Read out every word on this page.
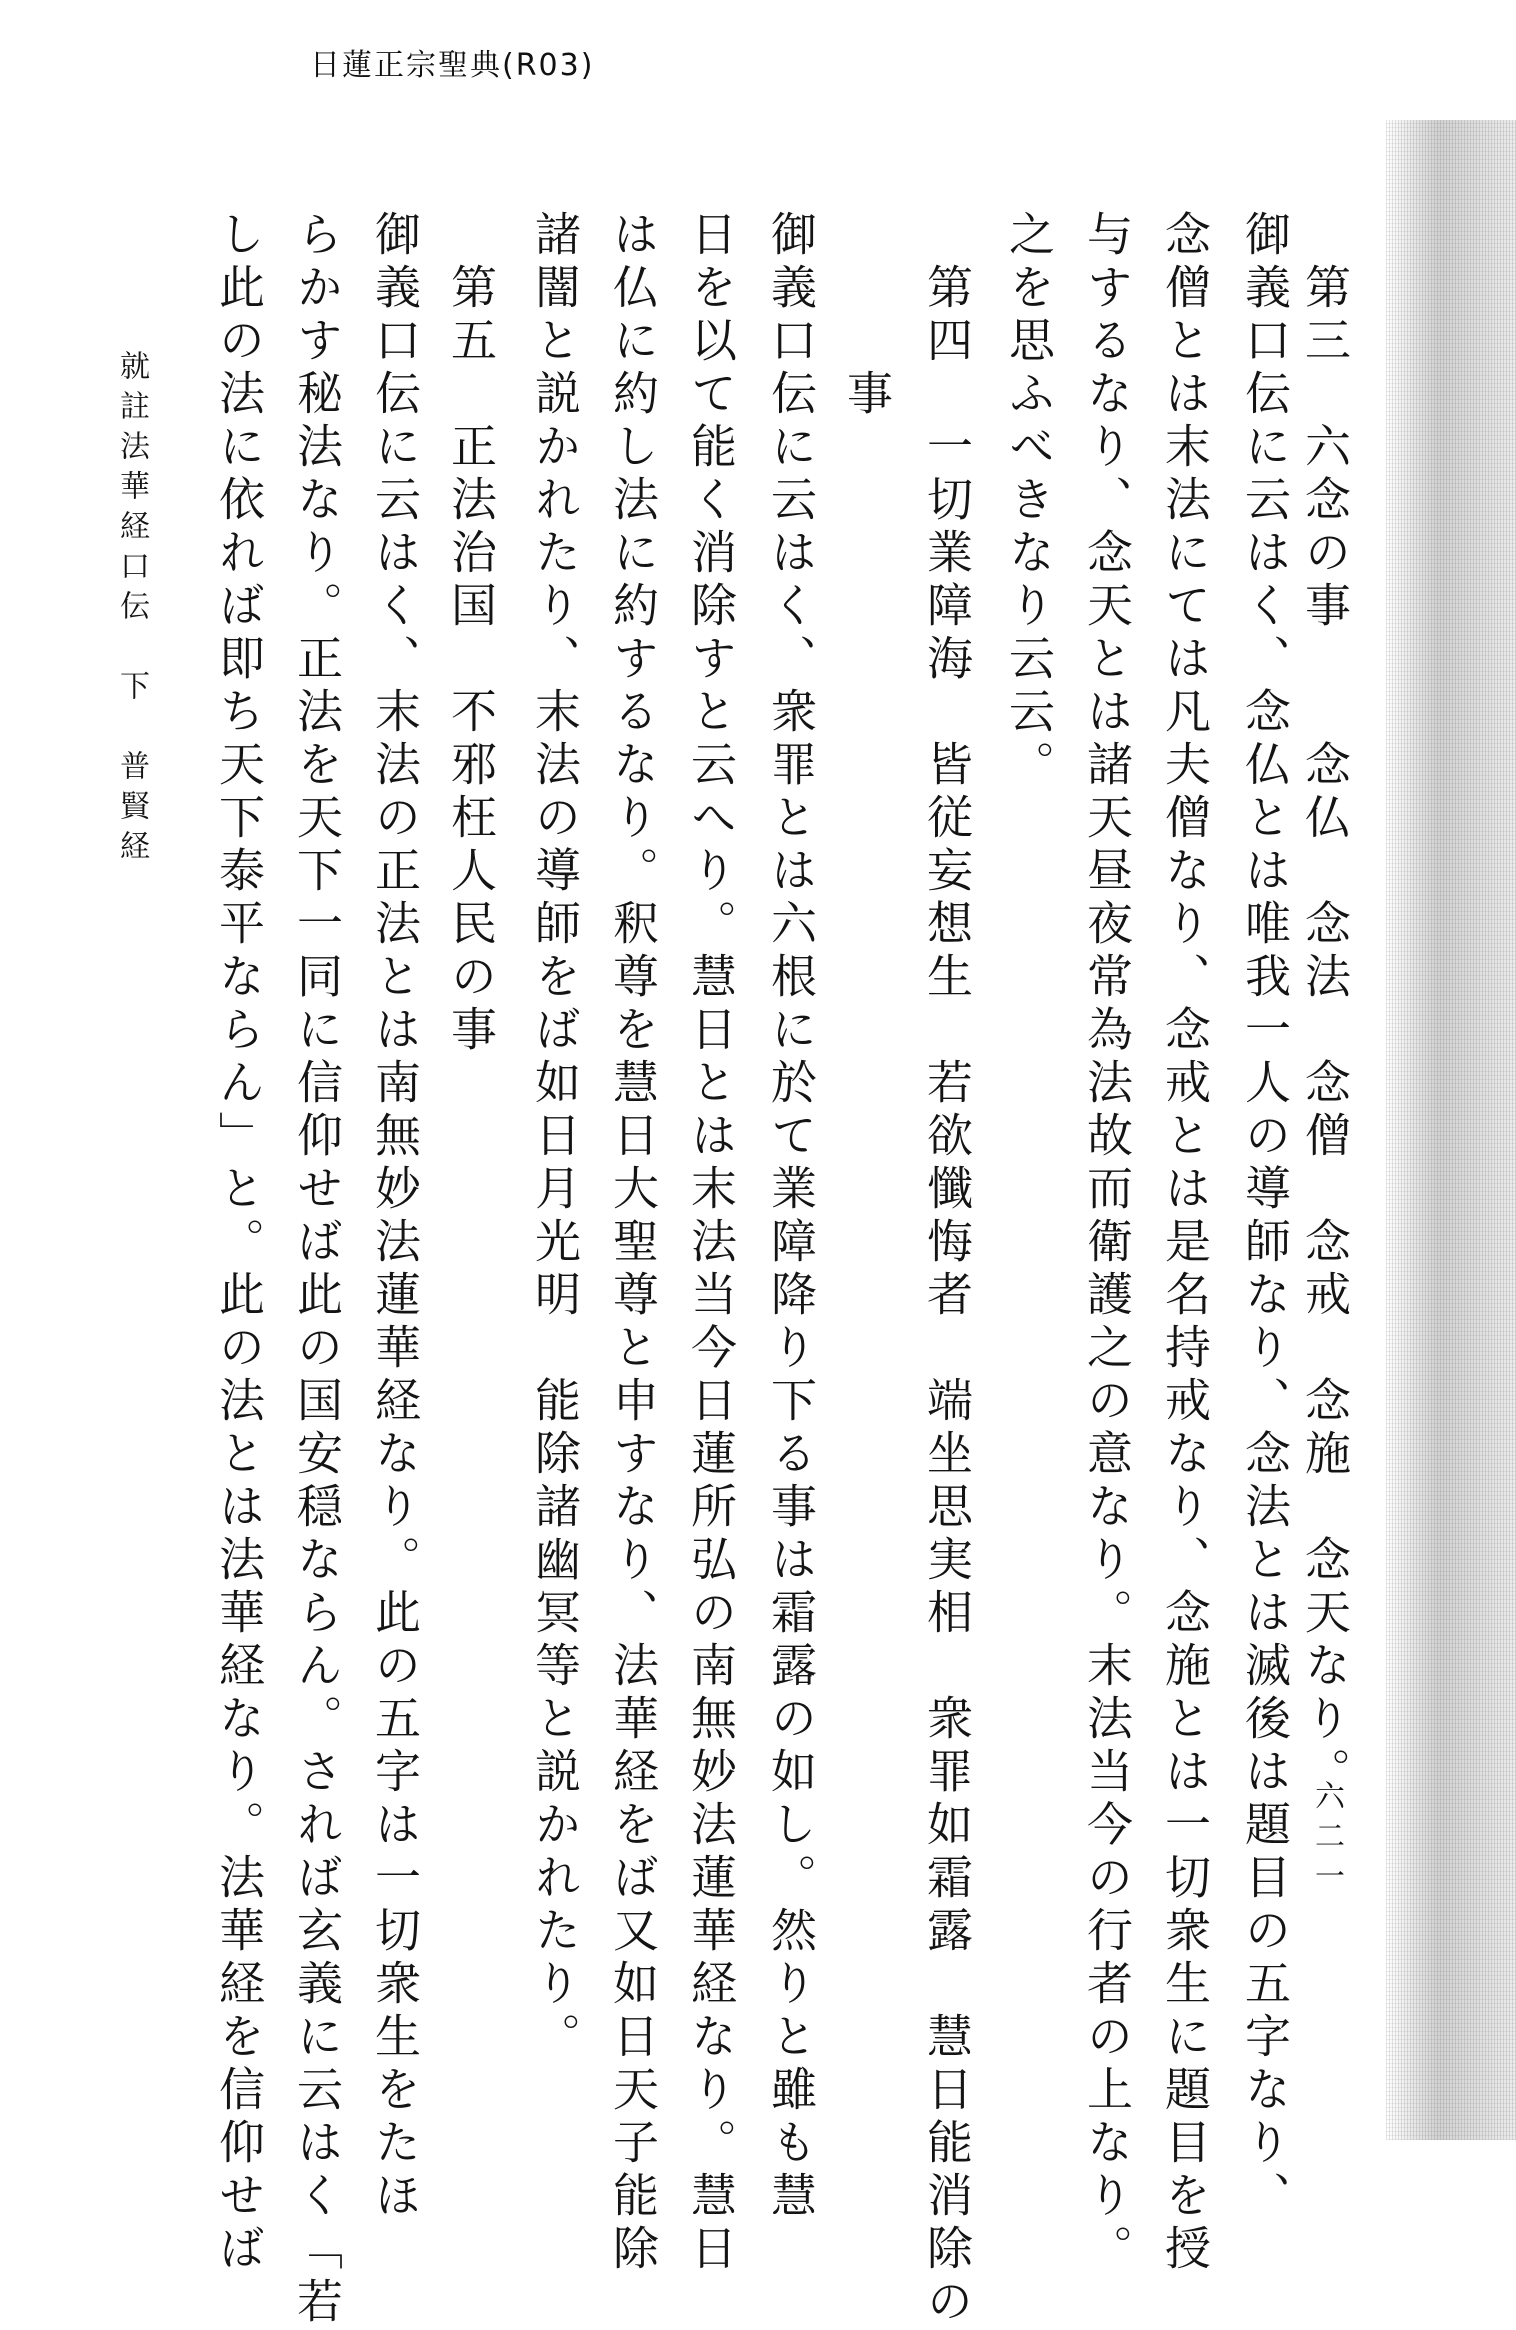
日蓮正宗聖典(R03)
　第三　六念の事　　念仏　念法　念僧　念戒　念施　念天なり。
御義口伝に云はく、念仏とは唯我一人の導師なり、念法とは滅後は題目の五字なり、
念僧とは末法にては凡夫僧なり、念戒とは是名持戒なり、念施とは一切衆生に題目を授
与するなり、念天とは諸天昼夜常為法故而衛護之の意なり。末法当今の行者の上なり。
之を思ふべきなり云云。
　第四　一切業障海　皆従妄想生　若欲懺悔者　端坐思実相　衆罪如霜露　慧日能消除の
　　　事
御義口伝に云はく、衆罪とは六根に於て業障降り下る事は霜露の如し。然りと雖も慧
日を以て能く消除すと云へり。慧日とは末法当今日蓮所弘の南無妙法蓮華経なり。慧日
は仏に約し法に約するなり。釈尊を慧日大聖尊と申すなり、法華経をば又如日天子能除
諸闇と説かれたり、末法の導師をば如日月光明　能除諸幽冥等と説かれたり。
　第五　正法治国　不邪枉人民の事
御義口伝に云はく、末法の正法とは南無妙法蓮華経なり。此の五字は一切衆生をたほ
らかす秘法なり。正法を天下一同に信仰せば此の国安穏ならん。されば玄義に云はく「若
し此の法に依れば即ち天下泰平ならん」と。此の法とは法華経なり。法華経を信仰せば
就註法華経口伝　下　普賢経
六二一
